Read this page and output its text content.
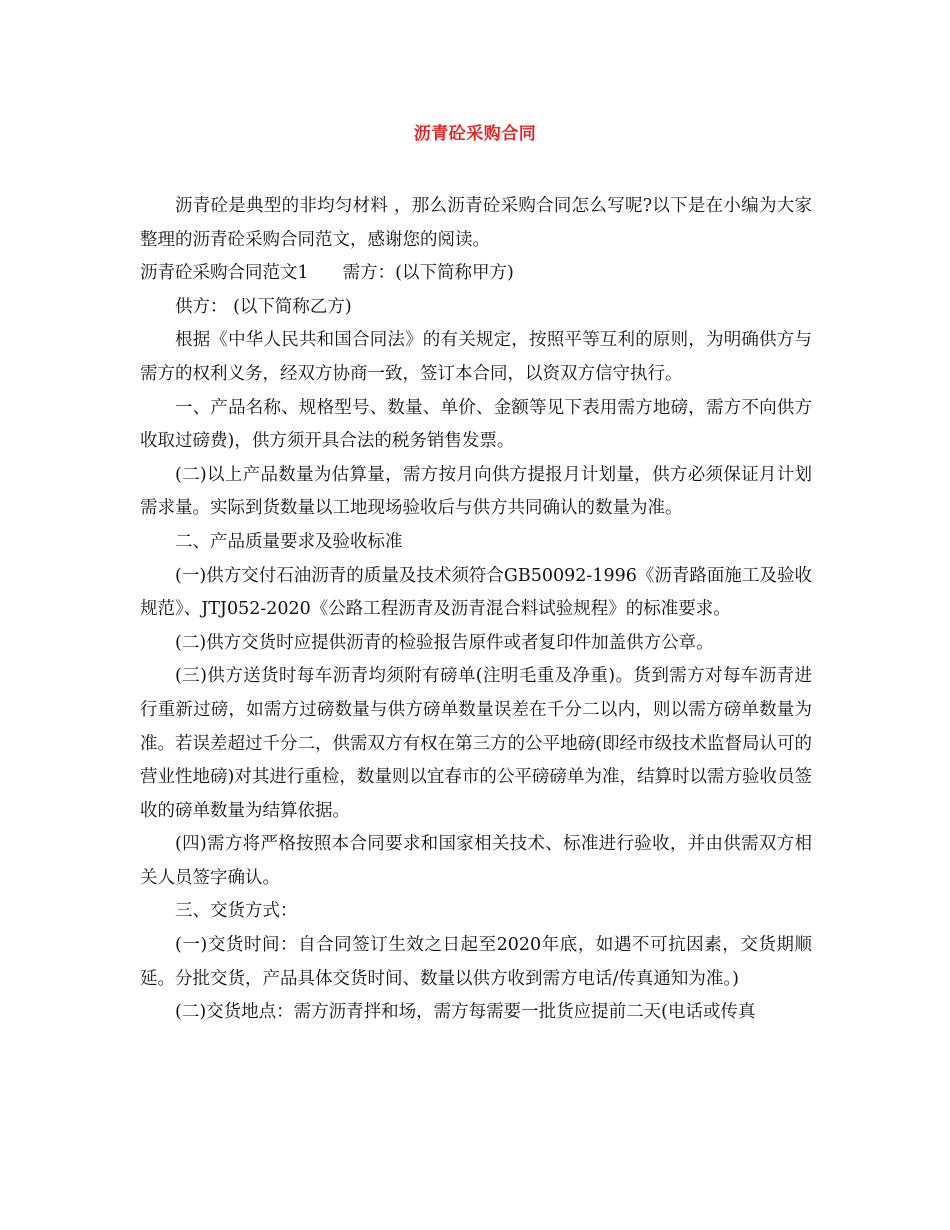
沥青砼采购合同

沥青砼是典型的非均匀材料 ，那么沥青砼采购合同怎么写呢?以下是在小编为大家整理的沥青砼采购合同范文，感谢您的阅读。

沥青砼采购合同范文1 需方：(以下简称甲方)

供方： (以下简称乙方)

根据《中华人民共和国合同法》的有关规定，按照平等互利的原则，为明确供方与需方的权利义务，经双方协商一致，签订本合同，以资双方信守执行。

一、产品名称、规格型号、数量、单价、金额等见下表用需方地磅，需方不向供方收取过磅费)，供方须开具合法的税务销售发票。

(二)以上产品数量为估算量，需方按月向供方提报月计划量，供方必须保证月计划需求量。实际到货数量以工地现场验收后与供方共同确认的数量为准。

二、产品质量要求及验收标准

(一)供方交付石油沥青的质量及技术须符合GB50092-1996《沥青路面施工及验收规范》、JTJ052-2020《公路工程沥青及沥青混合料试验规程》的标准要求。

(二)供方交货时应提供沥青的检验报告原件或者复印件加盖供方公章。

(三)供方送货时每车沥青均须附有磅单(注明毛重及净重)。货到需方对每车沥青进行重新过磅，如需方过磅数量与供方磅单数量误差在千分二以内，则以需方磅单数量为准。若误差超过千分二，供需双方有权在第三方的公平地磅(即经市级技术监督局认可的营业性地磅)对其进行重检，数量则以宜春市的公平磅磅单为准，结算时以需方验收员签收的磅单数量为结算依据。

(四)需方将严格按照本合同要求和国家相关技术、标准进行验收，并由供需双方相关人员签字确认。

三、交货方式：

(一)交货时间：自合同签订生效之日起至2020年底，如遇不可抗因素，交货期顺延。分批交货，产品具体交货时间、数量以供方收到需方电话/传真通知为准。)

(二)交货地点：需方沥青拌和场，需方每需要一批货应提前二天(电话或传真
